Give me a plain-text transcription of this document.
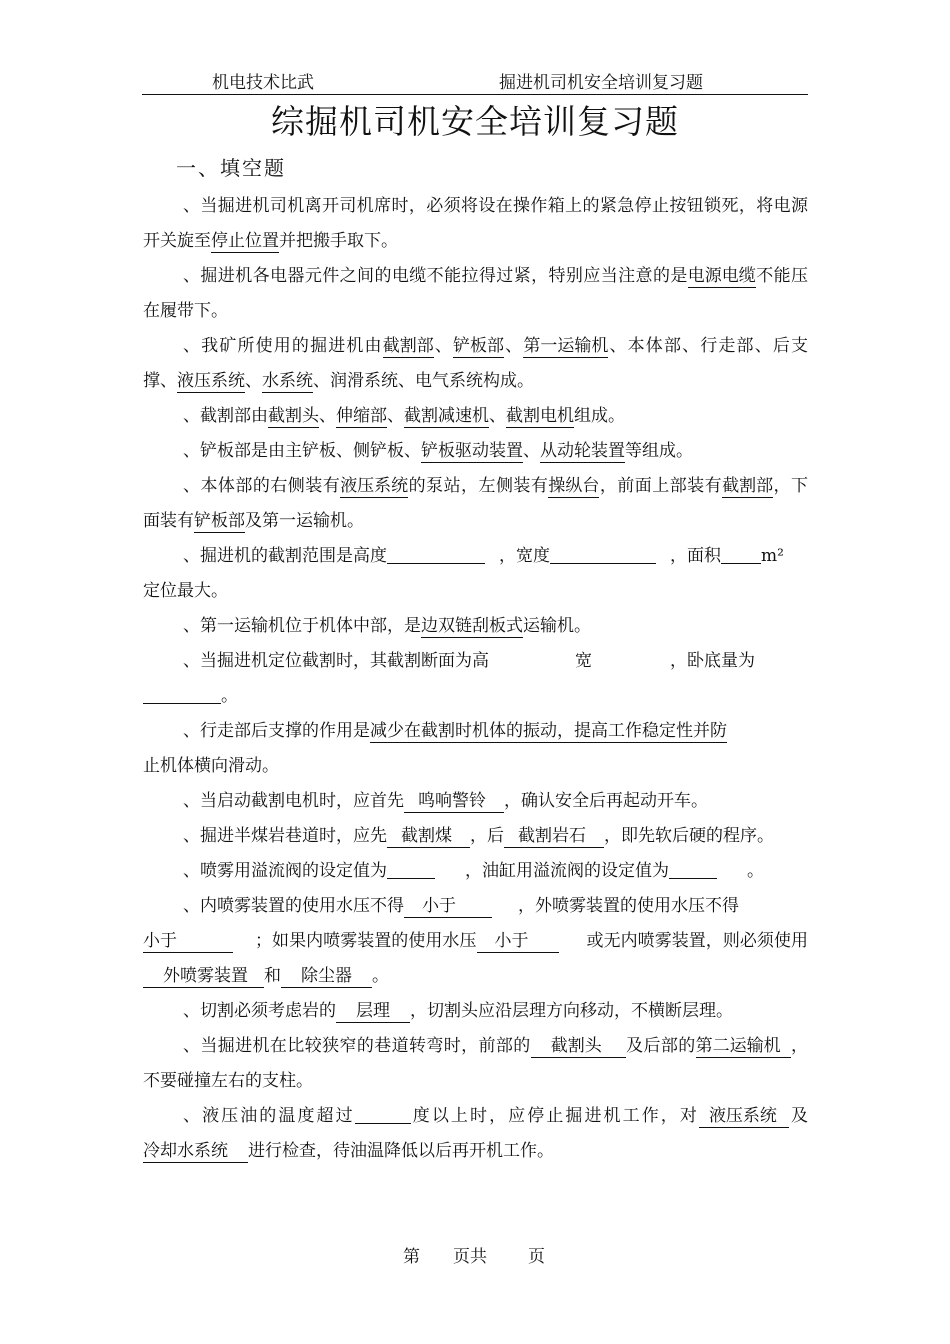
机电技术比武	掘进机司机安全培训复习题
综掘机司机安全培训复习题
一、填空题

、当掘进机司机离开司机席时，必须将设在操作箱上的紧急停止按钮锁死，将电源开关旋至停止位置并把搬手取下。

、掘进机各电器元件之间的电缆不能拉得过紧，特别应当注意的是电源电缆不能压在履带下。

、我矿所使用的掘进机由截割部、铲板部、第一运输机、本体部、行走部、后支撑、液压系统、水系统、润滑系统、电气系统构成。

、截割部由截割头、伸缩部、截割减速机、截割电机组成。

、铲板部是由主铲板、侧铲板、铲板驱动装置、从动轮装置等组成。

、本体部的右侧装有液压系统的泵站，左侧装有操纵台，前面上部装有截割部，下面装有铲板部及第一运输机。

、掘进机的截割范围是高度	，宽度	，面积 m²
定位最大。

、第一运输机位于机体中部，是边双链刮板式运输机。

、当掘进机定位截割时，其截割断面为高	宽	，卧底量为
。

、行走部后支撑的作用是减少在截割时机体的振动，提高工作稳定性并防
止机体横向滑动。

、当启动截割电机时，应首先 鸣响警铃 ，确认安全后再起动开车。

、掘进半煤岩巷道时，应先 截割煤 ，后 截割岩石 ，即先软后硬的程序。

、喷雾用溢流阀的设定值为	，油缸用溢流阀的设定值为	。

、内喷雾装置的使用水压不得 小于	，外喷雾装置的使用水压不得
小于	；如果内喷雾装置的使用水压 小于	或无内喷雾装置，则必须使用外喷雾装置 和 除尘器 。

、切割必须考虑岩的 层理 ，切割头应沿层理方向移动，不横断层理。

、当掘进机在比较狭窄的巷道转弯时，前部的 截割头 及后部的第二运输机 ，不要碰撞左右的支柱。

、液压油的温度超过	度以上时，应停止掘进机工作，对 液压系统 及冷却水系统 进行检查，待油温降低以后再开机工作。

第 页共 页
